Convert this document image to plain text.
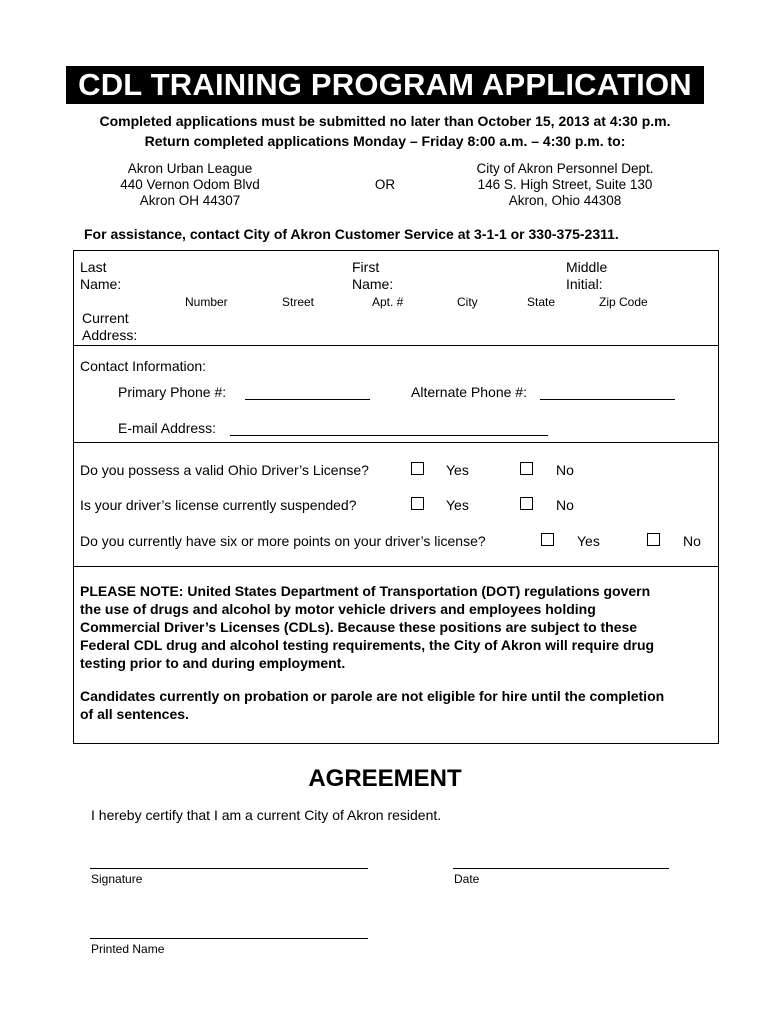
CDL TRAINING PROGRAM APPLICATION
Completed applications must be submitted no later than October 15, 2013 at 4:30 p.m.
Return completed applications Monday – Friday 8:00 a.m. – 4:30 p.m. to:
Akron Urban League
440 Vernon Odom Blvd
Akron OH 44307
OR
City of Akron Personnel Dept.
146 S. High Street, Suite 130
Akron, Ohio 44308
For assistance, contact City of Akron Customer Service at 3-1-1 or 330-375-2311.
Last
Name:
First
Name:
Middle
Initial:
Number	Street	Apt. #	City	State	Zip Code
Current
Address:
Contact Information:
Primary Phone #:	Alternate Phone #:
E-mail Address:
Do you possess a valid Ohio Driver’s License?	Yes	No
Is your driver’s license currently suspended?	Yes	No
Do you currently have six or more points on your driver’s license?	Yes	No
PLEASE NOTE: United States Department of Transportation (DOT) regulations govern
the use of drugs and alcohol by motor vehicle drivers and employees holding
Commercial Driver’s Licenses (CDLs). Because these positions are subject to these
Federal CDL drug and alcohol testing requirements, the City of Akron will require drug
testing prior to and during employment.
Candidates currently on probation or parole are not eligible for hire until the completion
of all sentences.
AGREEMENT
I hereby certify that I am a current City of Akron resident.
Signature	Date
Printed Name
